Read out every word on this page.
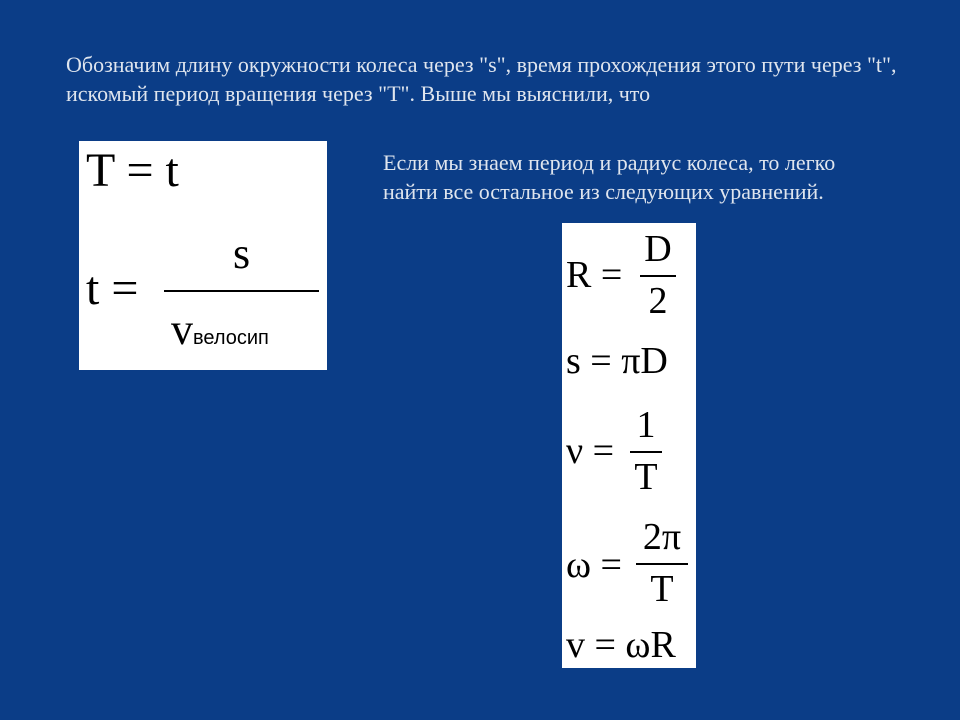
Обозначим длину окружности колеса через "s", время прохождения этого пути через "t", искомый период вращения через "T". Выше мы выяснили, что

Если мы знаем период и радиус колеса, то легко найти все остальное из следующих уравнений.

T = t
t =
s
vвелосип
R =
D
2
s = πD
ν =
1
T
ω =
2π
T
v = ωR
